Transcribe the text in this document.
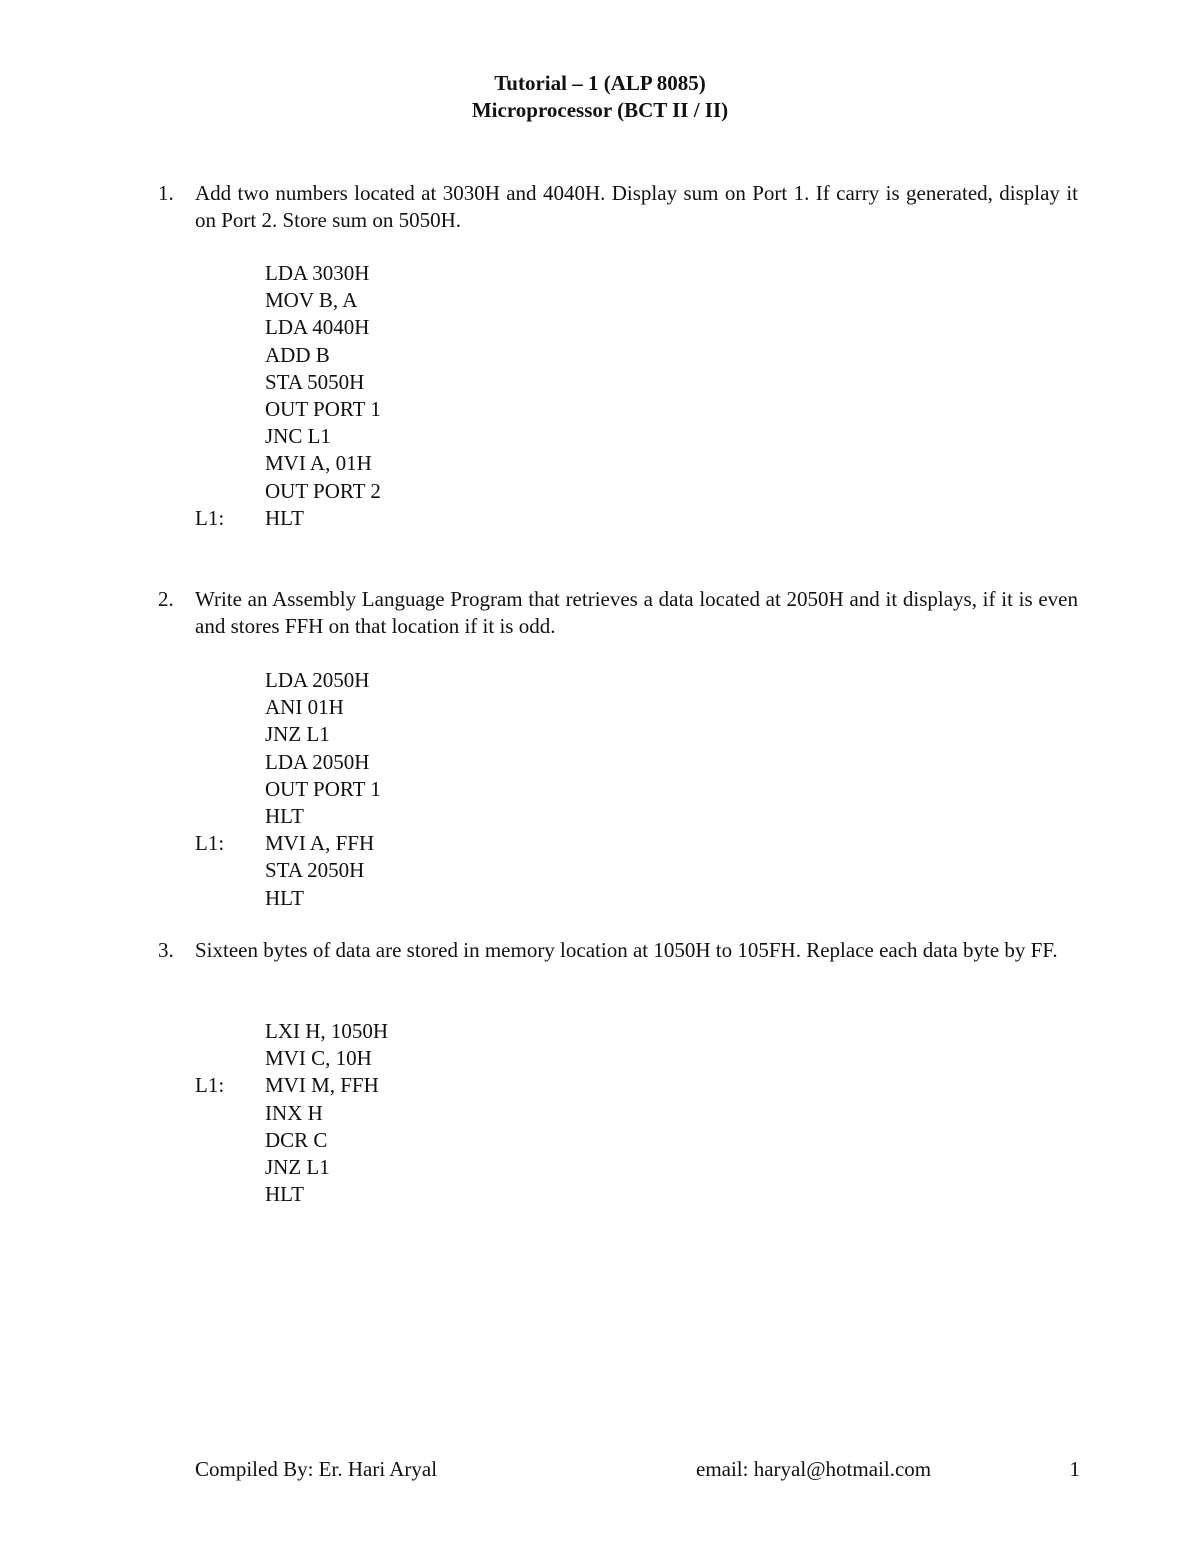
Tutorial – 1 (ALP 8085)
Microprocessor (BCT II / II)
1. Add two numbers located at 3030H and 4040H. Display sum on Port 1. If carry is generated, display it on Port 2. Store sum on 5050H.
LDA 3030H
MOV B, A
LDA 4040H
ADD B
STA 5050H
OUT PORT 1
JNC L1
MVI A, 01H
OUT PORT 2
L1: HLT
2. Write an Assembly Language Program that retrieves a data located at 2050H and it displays, if it is even and stores FFH on that location if it is odd.
LDA 2050H
ANI 01H
JNZ L1
LDA 2050H
OUT PORT 1
HLT
L1: MVI A, FFH
STA 2050H
HLT
3. Sixteen bytes of data are stored in memory location at 1050H to 105FH. Replace each data byte by FF.
LXI H, 1050H
MVI C, 10H
L1: MVI M, FFH
INX H
DCR C
JNZ L1
HLT
Compiled By: Er. Hari Aryal	email: haryal@hotmail.com	1
